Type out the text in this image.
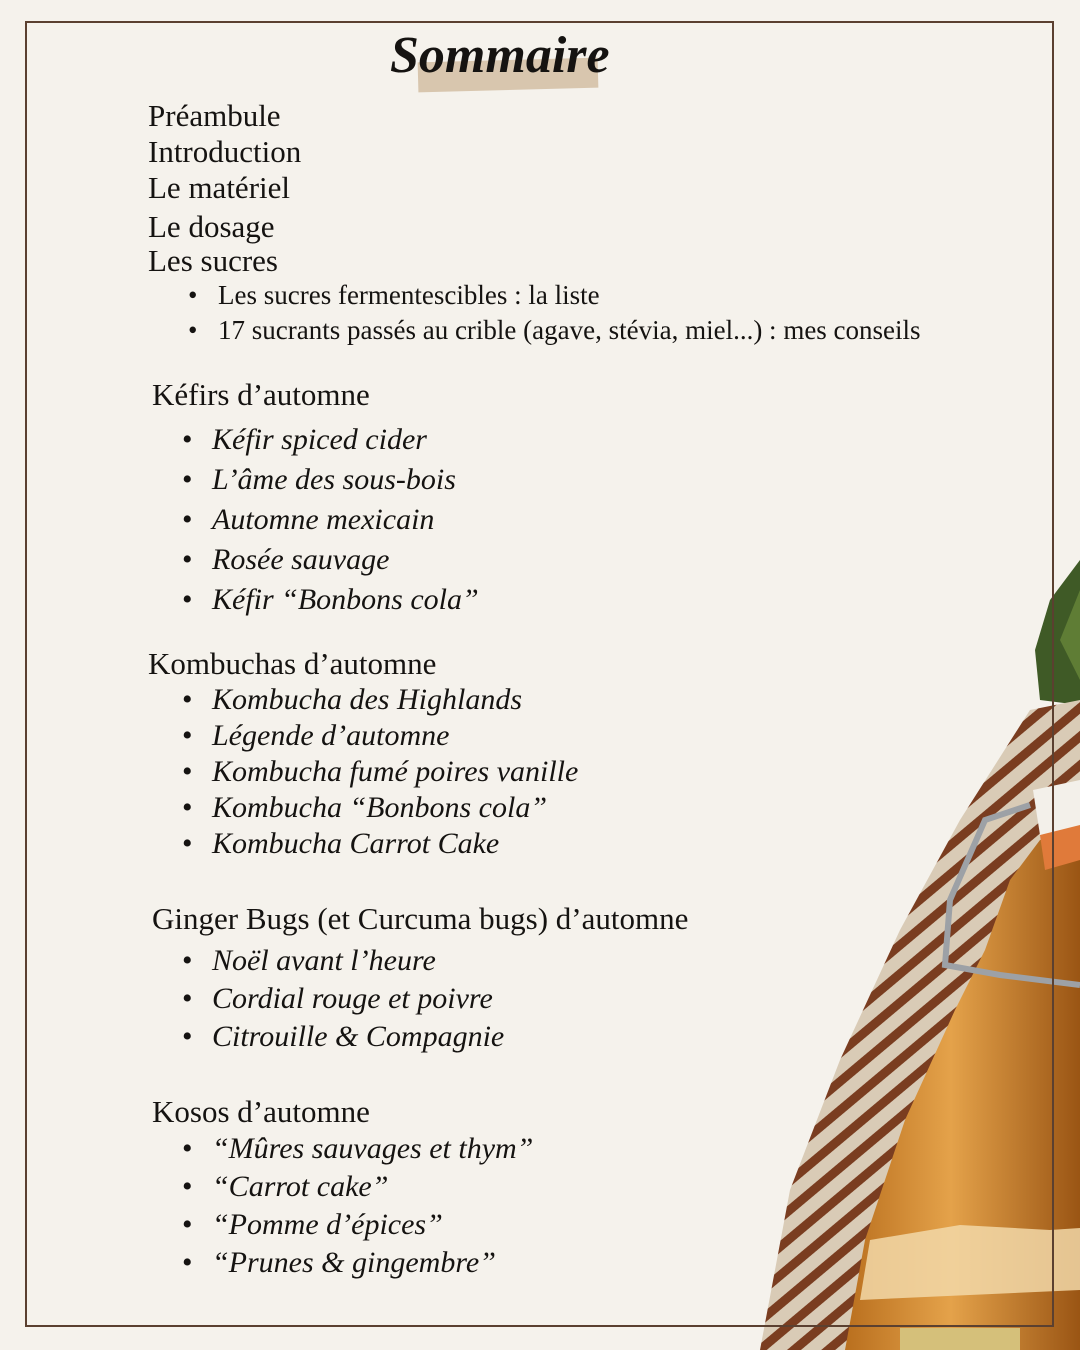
Sommaire
Préambule
Introduction
Le matériel
Le dosage
Les sucres
• Les sucres fermentescibles : la liste
• 17 sucrants passés au crible (agave, stévia, miel...) : mes conseils
Kéfirs d’automne
• Kéfir spiced cider
• L’âme des sous-bois
• Automne mexicain
• Rosée sauvage
• Kéfir “Bonbons cola”
Kombuchas d’automne
• Kombucha des Highlands
• Légende d’automne
• Kombucha fumé poires vanille
• Kombucha “Bonbons cola”
• Kombucha Carrot Cake
Ginger Bugs (et Curcuma bugs) d’automne
• Noël avant l’heure
• Cordial rouge et poivre
• Citrouille & Compagnie
Kosos d’automne
• “Mûres sauvages et thym”
• “Carrot cake”
• “Pomme d’épices”
• “Prunes & gingembre”
